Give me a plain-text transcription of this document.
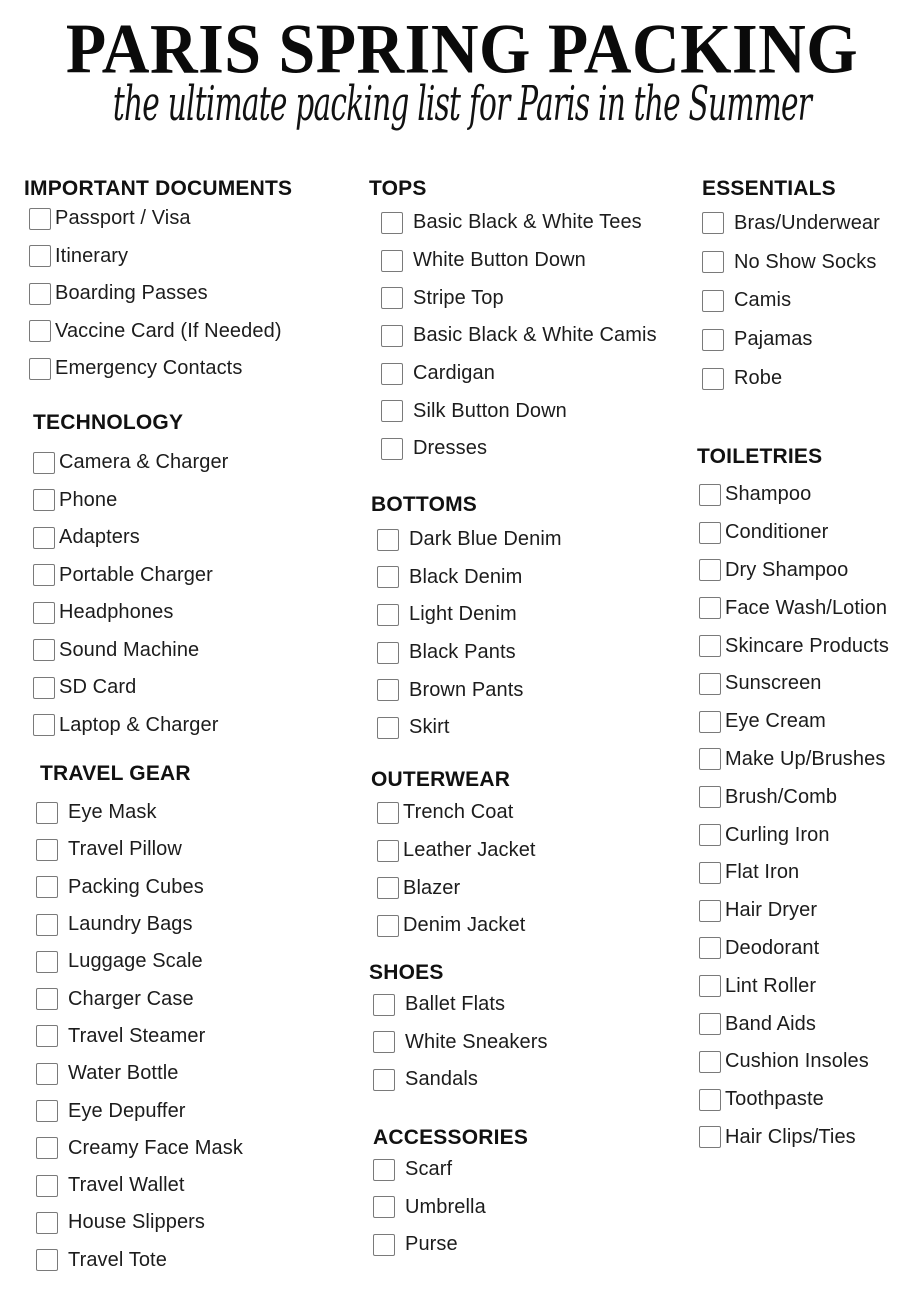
PARIS SPRING PACKING
the ultimate packing list for Paris in the Summer
IMPORTANT DOCUMENTS
Passport / Visa
Itinerary
Boarding Passes
Vaccine Card (If Needed)
Emergency Contacts
TECHNOLOGY
Camera & Charger
Phone
Adapters
Portable Charger
Headphones
Sound Machine
SD Card
Laptop & Charger
TRAVEL GEAR
Eye Mask
Travel Pillow
Packing Cubes
Laundry Bags
Luggage Scale
Charger Case
Travel Steamer
Water Bottle
Eye Depuffer
Creamy Face Mask
Travel Wallet
House Slippers
Travel Tote
TOPS
Basic Black & White Tees
White Button Down
Stripe Top
Basic Black & White Camis
Cardigan
Silk Button Down
Dresses
BOTTOMS
Dark Blue Denim
Black Denim
Light Denim
Black Pants
Brown Pants
Skirt
OUTERWEAR
Trench Coat
Leather Jacket
Blazer
Denim Jacket
SHOES
Ballet Flats
White Sneakers
Sandals
ACCESSORIES
Scarf
Umbrella
Purse
ESSENTIALS
Bras/Underwear
No Show Socks
Camis
Pajamas
Robe
TOILETRIES
Shampoo
Conditioner
Dry Shampoo
Face Wash/Lotion
Skincare Products
Sunscreen
Eye Cream
Make Up/Brushes
Brush/Comb
Curling Iron
Flat Iron
Hair Dryer
Deodorant
Lint Roller
Band Aids
Cushion Insoles
Toothpaste
Hair Clips/Ties
